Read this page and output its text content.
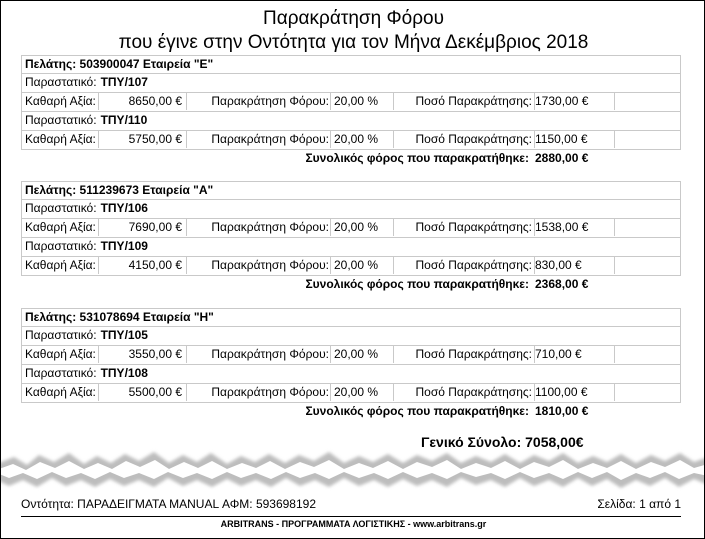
Παρακράτηση Φόρου
που έγινε στην Οντότητα για τον Μήνα Δεκέμβριος 2018
Πελάτης: 503900047 Εταιρεία "Ε"
Παραστατικό: ΤΠΥ/107
Καθαρή Αξία:	8650,00 €	Παρακράτηση Φόρου: 20,00 %	Ποσό Παρακράτησης: 1730,00 €
Παραστατικό: ΤΠΥ/110
Καθαρή Αξία:	5750,00 €	Παρακράτηση Φόρου: 20,00 %	Ποσό Παρακράτησης: 1150,00 €
Συνολικός φόρος που παρακρατήθηκε: 2880,00 €
Πελάτης: 511239673 Εταιρεία "Α"
Παραστατικό: ΤΠΥ/106
Καθαρή Αξία:	7690,00 €	Παρακράτηση Φόρου: 20,00 %	Ποσό Παρακράτησης: 1538,00 €
Παραστατικό: ΤΠΥ/109
Καθαρή Αξία:	4150,00 €	Παρακράτηση Φόρου: 20,00 %	Ποσό Παρακράτησης: 830,00 €
Συνολικός φόρος που παρακρατήθηκε: 2368,00 €
Πελάτης: 531078694 Εταιρεία "Η"
Παραστατικό: ΤΠΥ/105
Καθαρή Αξία:	3550,00 €	Παρακράτηση Φόρου: 20,00 %	Ποσό Παρακράτησης: 710,00 €
Παραστατικό: ΤΠΥ/108
Καθαρή Αξία:	5500,00 €	Παρακράτηση Φόρου: 20,00 %	Ποσό Παρακράτησης: 1100,00 €
Συνολικός φόρος που παρακρατήθηκε: 1810,00 €
Γενικό Σύνολο: 7058,00€
Οντότητα: ΠΑΡΑΔΕΙΓΜΑΤΑ MANUAL ΑΦΜ: 593698192	Σελίδα: 1 από 1
ARBITRANS - ΠΡΟΓΡΑΜΜΑΤΑ ΛΟΓΙΣΤΙΚΗΣ - www.arbitrans.gr
